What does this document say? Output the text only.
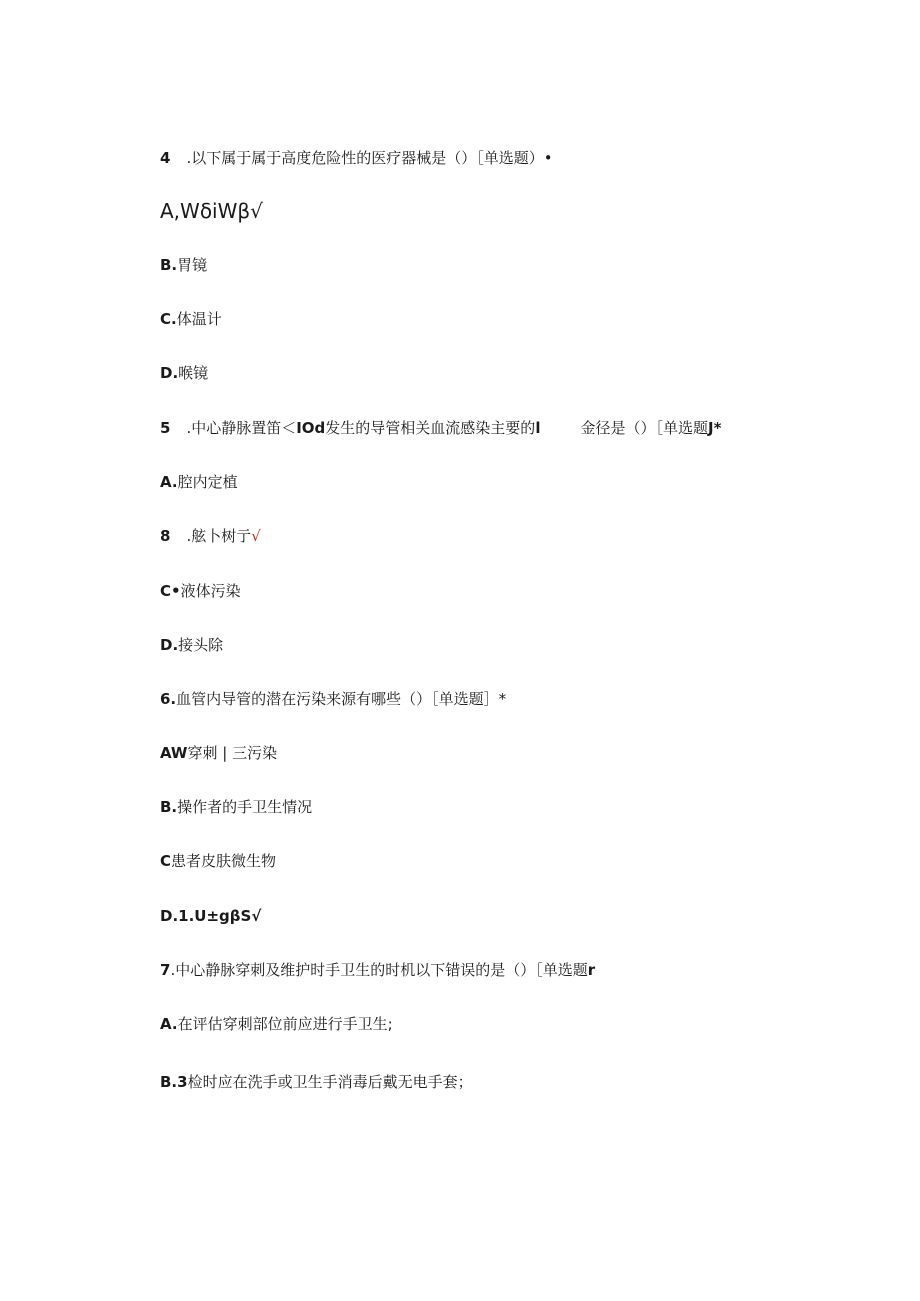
4 .以下属于属于高度危险性的医疗器械是（）［单选题）•
A,WδiWβ√
B.胃镜
C.体温计
D.喉镜
5 .中心静脉置笛＜IOd发生的导管相关血流感染主要的l	金径是（）［单选题J*
A.腔内定植
8 .舷卜树亍√
C•液体污染
D.接头除
6.血管内导管的潜在污染来源有哪些（）［单选题］*
AW穿刺 | 三污染
B.操作者的手卫生情况
C患者皮肤微生物
D.1.U±gβS√
7.中心静脉穿刺及维护时手卫生的时机以下错误的是（）［单选题r
A.在评估穿刺部位前应进行手卫生;
B.3检时应在洗手或卫生手消毒后戴无电手套；
